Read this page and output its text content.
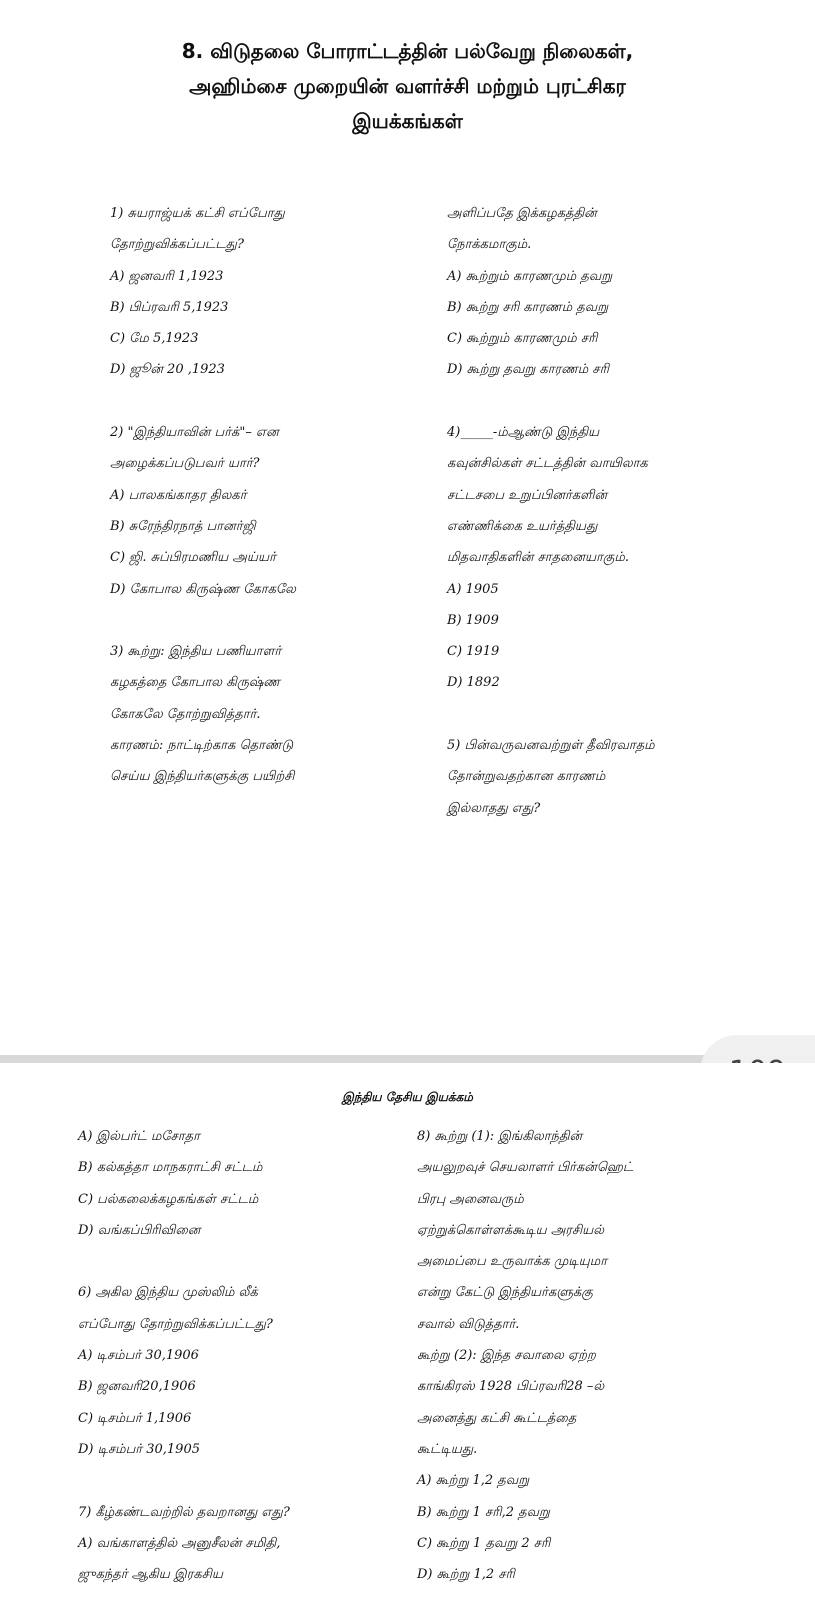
8. விடுதலை போராட்டத்தின் பல்வேறு நிலைகள்,
அஹிம்சை முறையின் வளர்ச்சி மற்றும் புரட்சிகர
இயக்கங்கள்
1) சுயராஜ்யக் கட்சி எப்போது
தோற்றுவிக்கப்பட்டது?
A) ஜனவரி 1,1923
B) பிப்ரவரி 5,1923
C) மே 5,1923
D) ஜூன் 20 ,1923

2) "இந்தியாவின் பர்க்"– என
அழைக்கப்படுபவர் யார்?
A) பாலகங்காதர திலகர்
B) சுரேந்திரநாத் பானர்ஜி
C) ஜி. சுப்பிரமணிய அய்யர்
D) கோபால கிருஷ்ண கோகலே

3) கூற்று: இந்திய பணியாளர்
கழகத்தை கோபால கிருஷ்ண
கோகலே தோற்றுவித்தார்.
காரணம்: நாட்டிற்காக தொண்டு
செய்ய இந்தியர்களுக்கு பயிற்சி
அளிப்பதே இக்கழகத்தின்
நோக்கமாகும்.
A) கூற்றும் காரணமும் தவறு
B) கூற்று சரி காரணம் தவறு
C) கூற்றும் காரணமும் சரி
D) கூற்று தவறு காரணம் சரி

4)_____-ம்ஆண்டு இந்திய
கவுன்சில்கள் சட்டத்தின் வாயிலாக
சட்டசபை உறுப்பினர்களின்
எண்ணிக்கை உயர்த்தியது
மிதவாதிகளின் சாதனையாகும்.
A) 1905
B) 1909
C) 1919
D) 1892

5) பின்வருவனவற்றுள் தீவிரவாதம்
தோன்றுவதற்கான காரணம்
இல்லாதது எது?
இந்திய தேசிய இயக்கம்
A) இல்பர்ட் மசோதா
B) கல்கத்தா மாநகராட்சி சட்டம்
C) பல்கலைக்கழகங்கள் சட்டம்
D) வங்கப்பிரிவினை

6) அகில இந்திய முஸ்லிம் லீக்
எப்போது தோற்றுவிக்கப்பட்டது?
A) டிசம்பர் 30,1906
B) ஜனவரி20,1906
C) டிசம்பர் 1,1906
D) டிசம்பர் 30,1905

7) கீழ்கண்டவற்றில் தவறானது எது?
A) வங்காளத்தில் அனுசீலன் சமிதி,
ஜுகந்தர் ஆகிய இரகசிய
8) கூற்று (1): இங்கிலாந்தின்
அயலுறவுச் செயலாளர் பிர்கன்ஹெட்
பிரபு அனைவரும்
ஏற்றுக்கொள்ளக்கூடிய அரசியல்
அமைப்பை உருவாக்க முடியுமா
என்று கேட்டு இந்தியர்களுக்கு
சவால் விடுத்தார்.
கூற்று (2): இந்த சவாலை ஏற்ற
காங்கிரஸ் 1928 பிப்ரவரி28 –ல்
அனைத்து கட்சி கூட்டத்தை
கூட்டியது.
A) கூற்று 1,2 தவறு
B) கூற்று 1 சரி,2 தவறு
C) கூற்று 1 தவறு 2 சரி
D) கூற்று 1,2 சரி
